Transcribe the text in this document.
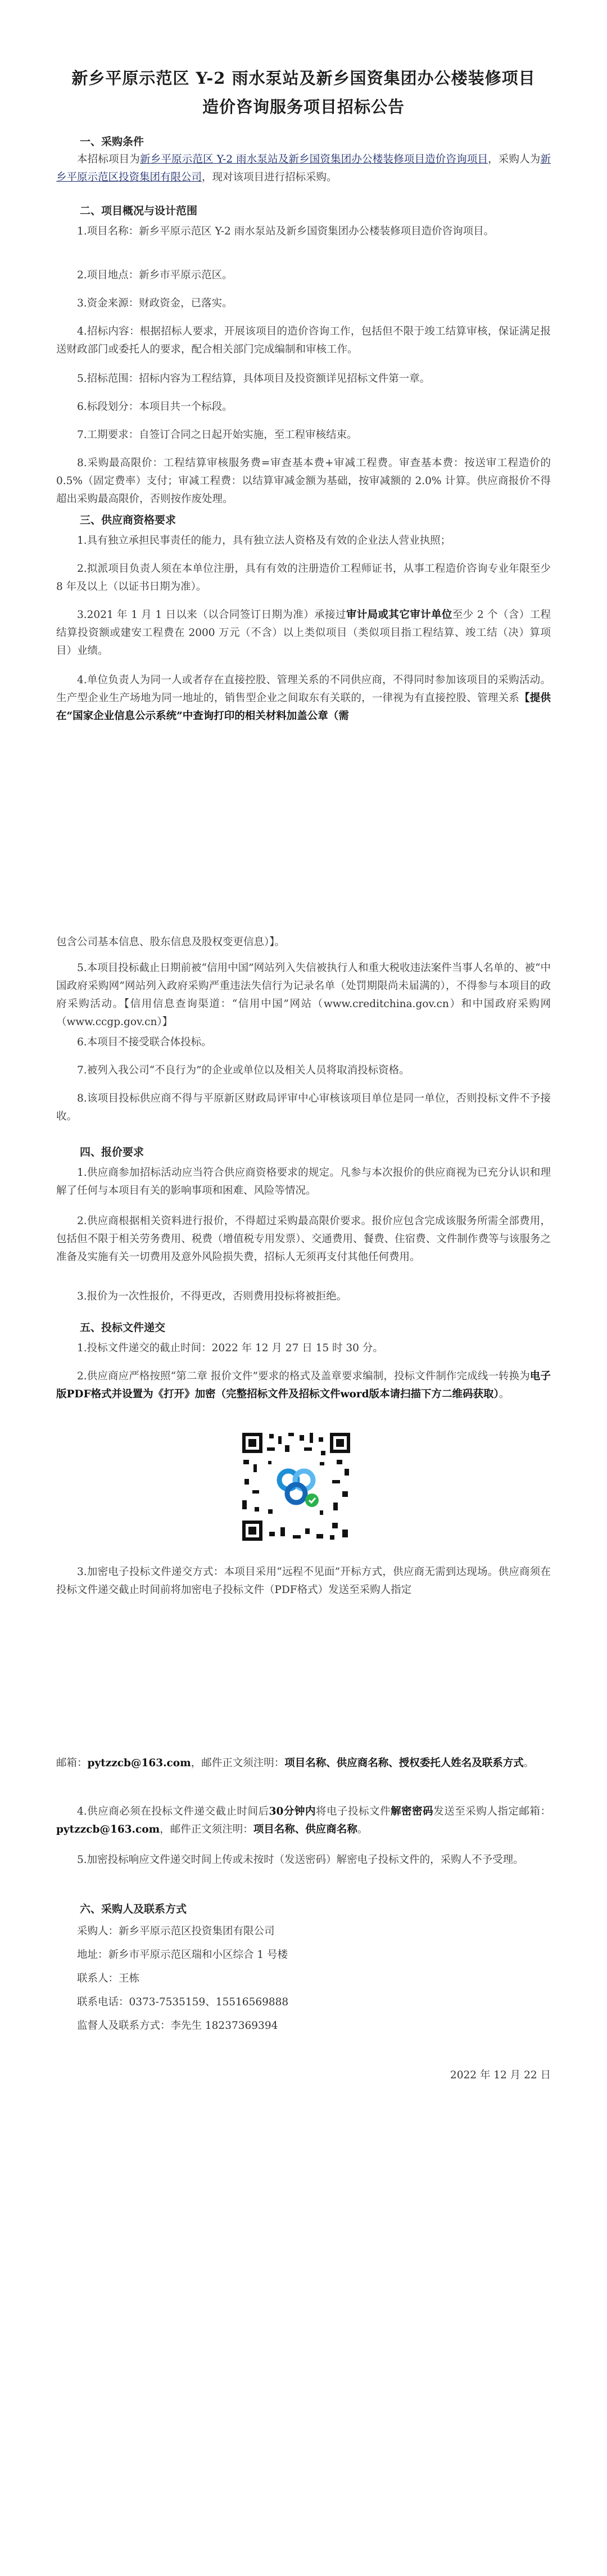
新乡平原示范区 Y-2 雨水泵站及新乡国资集团办公楼装修项目
造价咨询服务项目招标公告
一、采购条件
本招标项目为新乡平原示范区 Y-2 雨水泵站及新乡国资集团办公楼装修项目造价咨询项目，采购人为新乡平原示范区投资集团有限公司，现对该项目进行招标采购。
二、项目概况与设计范围
1.项目名称：新乡平原示范区 Y-2 雨水泵站及新乡国资集团办公楼装修项目造价咨询项目。
2.项目地点：新乡市平原示范区。
3.资金来源：财政资金，已落实。
4.招标内容：根据招标人要求，开展该项目的造价咨询工作，包括但不限于竣工结算审核，保证满足报送财政部门或委托人的要求，配合相关部门完成编制和审核工作。
5.招标范围：招标内容为工程结算，具体项目及投资额详见招标文件第一章。
6.标段划分：本项目共一个标段。
7.工期要求：自签订合同之日起开始实施，至工程审核结束。
8.采购最高限价：工程结算审核服务费=审查基本费+审减工程费。审查基本费：按送审工程造价的 0.5%（固定费率）支付；审减工程费：以结算审减金额为基础，按审减额的 2.0% 计算。供应商报价不得超出采购最高限价，否则按作废处理。
三、供应商资格要求
1.具有独立承担民事责任的能力，具有独立法人资格及有效的企业法人营业执照；
2.拟派项目负责人须在本单位注册，具有有效的注册造价工程师证书，从事工程造价咨询专业年限至少 8 年及以上（以证书日期为准）。
3.2021 年 1 月 1 日以来（以合同签订日期为准）承接过审计局或其它审计单位至少 2 个（含）工程结算投资额或建安工程费在 2000 万元（不含）以上类似项目（类似项目指工程结算、竣工结（决）算项目）业绩。
4.单位负责人为同一人或者存在直接控股、管理关系的不同供应商，不得同时参加该项目的采购活动。生产型企业生产场地为同一地址的，销售型企业之间取东有关联的，一律视为有直接控股、管理关系【提供在“国家企业信息公示系统”中查询打印的相关材料加盖公章（需
包含公司基本信息、股东信息及股权变更信息）】。
5.本项目投标截止日期前被“信用中国”网站列入失信被执行人和重大税收违法案件当事人名单的、被“中国政府采购网”网站列入政府采购严重违法失信行为记录名单（处罚期限尚未届满的），不得参与本项目的政府采购活动。【信用信息查询渠道：“信用中国”网站（www.creditchina.gov.cn）和中国政府采购网（www.ccgp.gov.cn）】
6.本项目不接受联合体投标。
7.被列入我公司“不良行为”的企业或单位以及相关人员将取消投标资格。
8.该项目投标供应商不得与平原新区财政局评审中心审核该项目单位是同一单位，否则投标文件不予接收。
四、报价要求
1.供应商参加招标活动应当符合供应商资格要求的规定。凡参与本次报价的供应商视为已充分认识和理解了任何与本项目有关的影响事项和困难、风险等情况。
2.供应商根据相关资料进行报价，不得超过采购最高限价要求。报价应包含完成该服务所需全部费用，包括但不限于相关劳务费用、税费（增值税专用发票）、交通费用、餐费、住宿费、文件制作费等与该服务之准备及实施有关一切费用及意外风险损失费，招标人无须再支付其他任何费用。
3.报价为一次性报价，不得更改，否则费用投标将被拒绝。
五、投标文件递交
1.投标文件递交的截止时间：2022 年 12 月 27 日 15 时 30 分。
2.供应商应严格按照“第二章 报价文件”要求的格式及盖章要求编制，投标文件制作完成线一转换为电子版PDF格式并设置为《打开》加密（完整招标文件及招标文件word版本请扫描下方二维码获取）。
3.加密电子投标文件递交方式：本项目采用“远程不见面”开标方式，供应商无需到达现场。供应商须在投标文件递交截止时间前将加密电子投标文件（PDF格式）发送至采购人指定
邮箱：pytzzcb@163.com，邮件正文须注明：项目名称、供应商名称、授权委托人姓名及联系方式。
4.供应商必须在投标文件递交截止时间后30分钟内将电子投标文件解密密码发送至采购人指定邮箱：pytzzcb@163.com，邮件正文须注明：项目名称、供应商名称。
5.加密投标响应文件递交时间上传或未按时（发送密码）解密电子投标文件的，采购人不予受理。
六、采购人及联系方式
采购人：新乡平原示范区投资集团有限公司
地址：新乡市平原示范区瑞和小区综合 1 号楼
联系人：王栋
联系电话：0373-7535159、15516569888
监督人及联系方式：李先生 18237369394
2022 年 12 月 22 日
